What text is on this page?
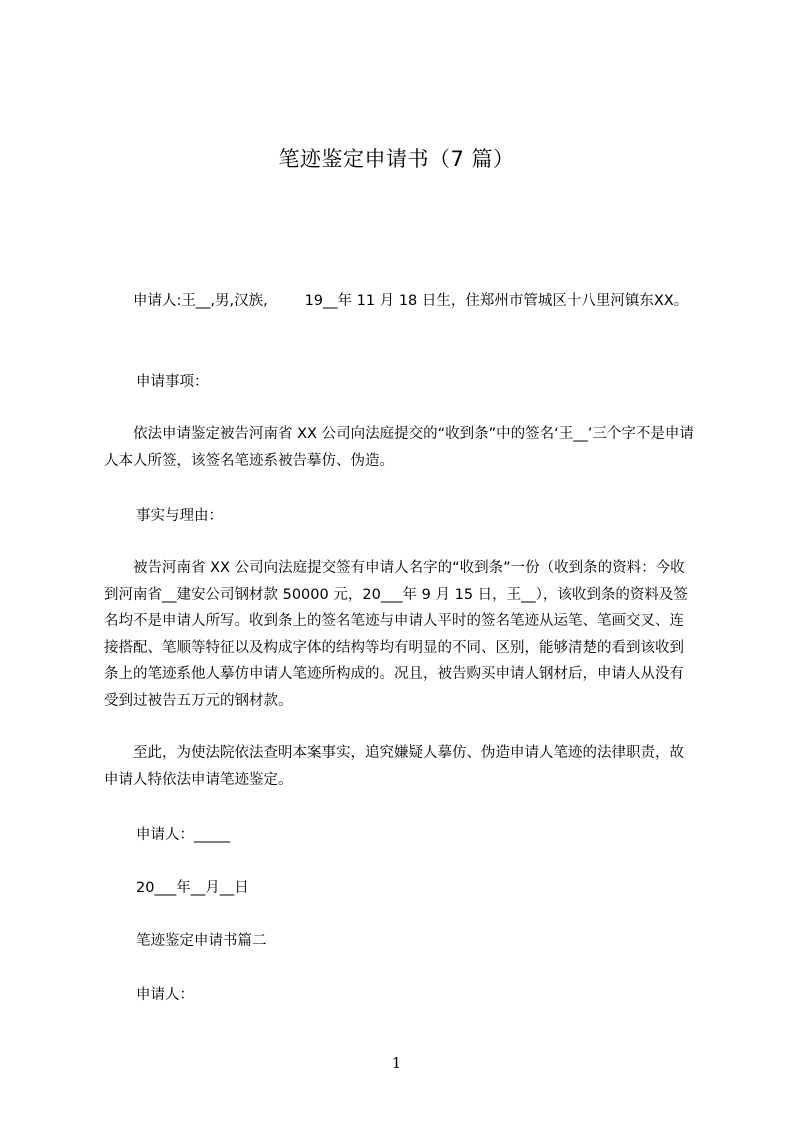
笔迹鉴定申请书（7 篇）

申请人:王__,男,汉族,        19__年 11 月 18 日生，住郑州市管城区十八里河镇东XX。

申请事项：

依法申请鉴定被告河南省 XX 公司向法庭提交的“收到条”中的签名‘王__’三个字不是申请人本人所签，该签名笔迹系被告摹仿、伪造。

事实与理由：

被告河南省 XX 公司向法庭提交签有申请人名字的“收到条”一份（收到条的资料：今收到河南省__建安公司钢材款 50000 元，20___年 9 月 15 日，王__），该收到条的资料及签名均不是申请人所写。收到条上的签名笔迹与申请人平时的签名笔迹从运笔、笔画交叉、连接搭配、笔顺等特征以及构成字体的结构等均有明显的不同、区别，能够清楚的看到该收到条上的笔迹系他人摹仿申请人笔迹所构成的。况且，被告购买申请人钢材后，申请人从没有受到过被告五万元的钢材款。

至此，为使法院依法查明本案事实，追究嫌疑人摹仿、伪造申请人笔迹的法律职责，故申请人特依法申请笔迹鉴定。

申请人：_____
20___年__月__日
笔迹鉴定申请书篇二
申请人：
1
